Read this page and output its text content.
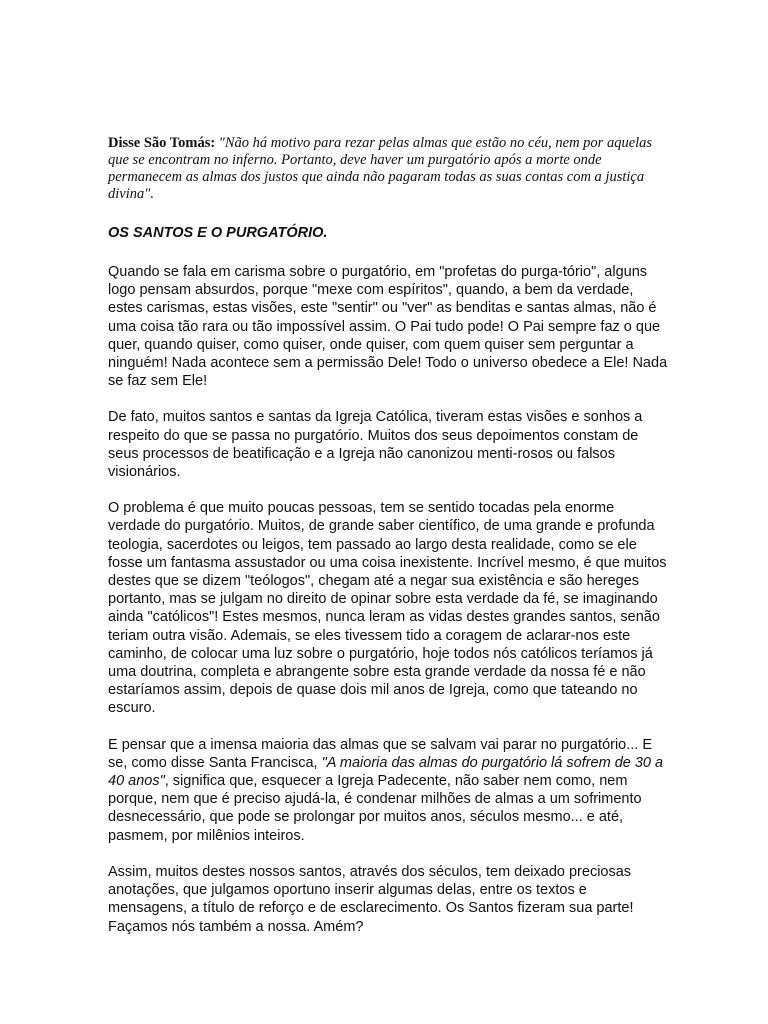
Disse São Tomás: "Não há motivo para rezar pelas almas que estão no céu, nem por aquelas que se encontram no inferno. Portanto, deve haver um purgatório após a morte onde permanecem as almas dos justos que ainda não pagaram todas as suas contas com a justiça divina".

OS SANTOS E O PURGATÓRIO.

Quando se fala em carisma sobre o purgatório, em "profetas do purga-tório", alguns logo pensam absurdos, porque "mexe com espíritos", quando, a bem da verdade, estes carismas, estas visões, este "sentir" ou "ver" as benditas e santas almas, não é uma coisa tão rara ou tão impossível assim. O Pai tudo pode! O Pai sempre faz o que quer, quando quiser, como quiser, onde quiser, com quem quiser sem perguntar a ninguém! Nada acontece sem a permissão Dele! Todo o universo obedece a Ele! Nada se faz sem Ele!

De fato, muitos santos e santas da Igreja Católica, tiveram estas visões e sonhos a respeito do que se passa no purgatório. Muitos dos seus depoimentos constam de seus processos de beatificação e a Igreja não canonizou menti-rosos ou falsos visionários.

O problema é que muito poucas pessoas, tem se sentido tocadas pela enorme verdade do purgatório. Muitos, de grande saber científico, de uma grande e profunda teologia, sacerdotes ou leigos, tem passado ao largo desta realidade, como se ele fosse um fantasma assustador ou uma coisa inexistente. Incrível mesmo, é que muitos destes que se dizem "teólogos", chegam até a negar sua existência e são hereges portanto, mas se julgam no direito de opinar sobre esta verdade da fé, se imaginando ainda "católicos"! Estes mesmos, nunca leram as vidas destes grandes santos, senão teriam outra visão. Ademais, se eles tivessem tido a coragem de aclarar-nos este caminho, de colocar uma luz sobre o purgatório, hoje todos nós católicos teríamos já uma doutrina, completa e abrangente sobre esta grande verdade da nossa fé e não estaríamos assim, depois de quase dois mil anos de Igreja, como que tateando no escuro.

E pensar que a imensa maioria das almas que se salvam vai parar no purgatório... E se, como disse Santa Francisca, "A maioria das almas do purgatório lá sofrem de 30 a 40 anos", significa que, esquecer a Igreja Padecente, não saber nem como, nem porque, nem que é preciso ajudá-la, é condenar milhões de almas a um sofrimento desnecessário, que pode se prolongar por muitos anos, séculos mesmo... e até, pasmem, por milênios inteiros.

Assim, muitos destes nossos santos, através dos séculos, tem deixado preciosas anotações, que julgamos oportuno inserir algumas delas, entre os textos e mensagens, a título de reforço e de esclarecimento. Os Santos fizeram sua parte! Façamos nós também a nossa. Amém?
